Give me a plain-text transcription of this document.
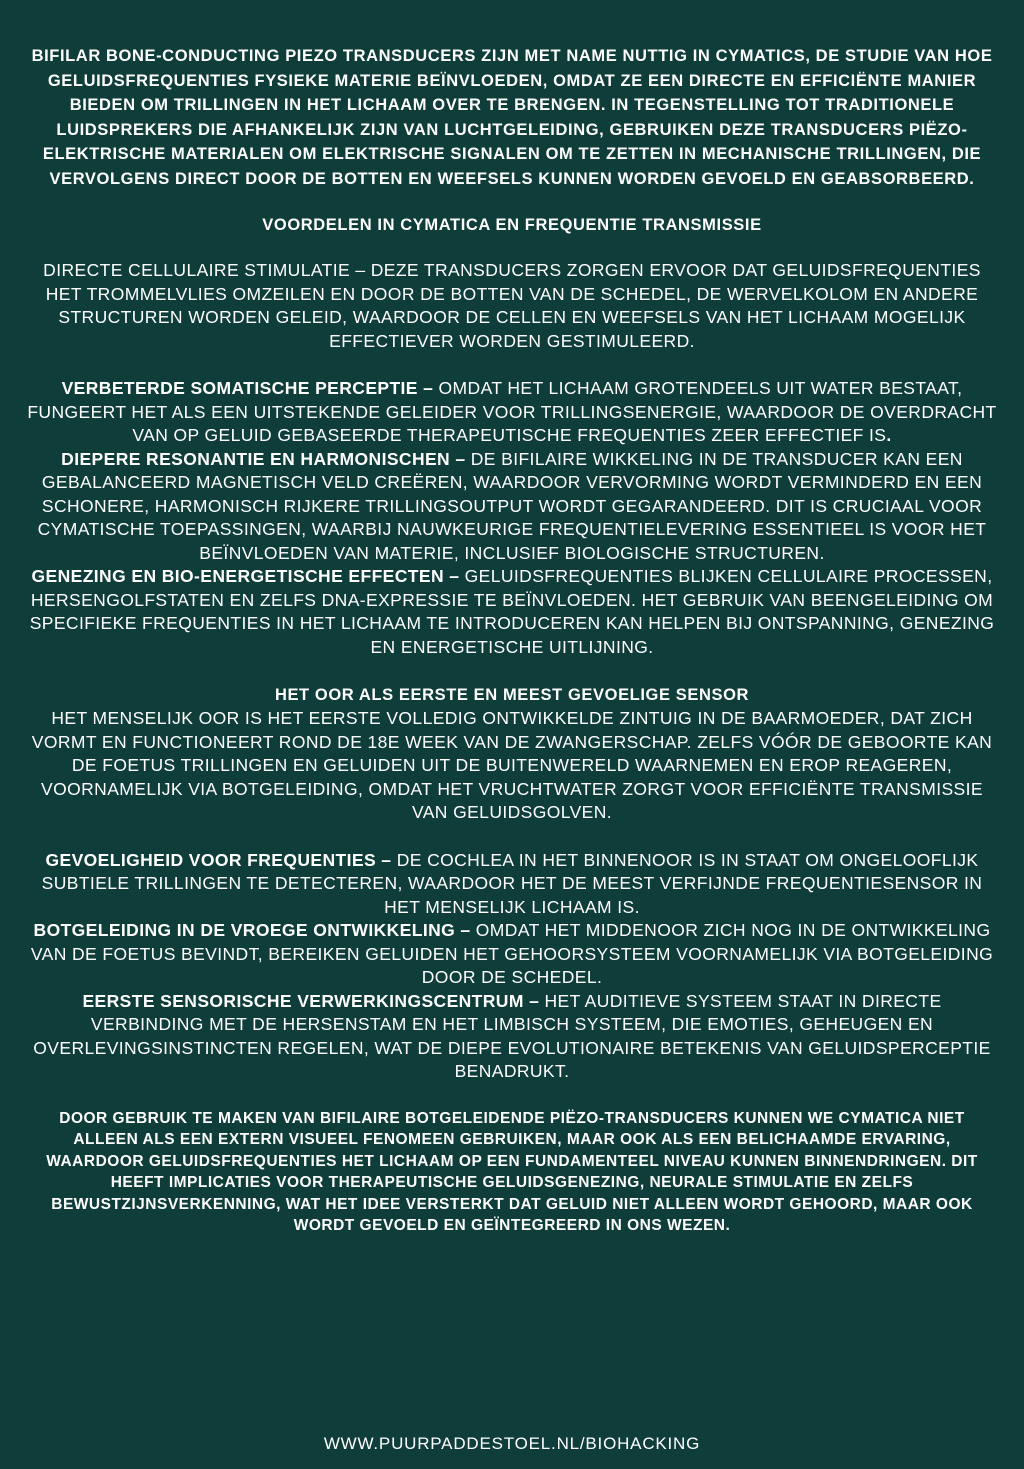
BIFILAR BONE-CONDUCTING PIEZO TRANSDUCERS ZIJN MET NAME NUTTIG IN CYMATICS, DE STUDIE VAN HOE GELUIDSFREQUENTIES FYSIEKE MATERIE BEÏNVLOEDEN, OMDAT ZE EEN DIRECTE EN EFFICIËNTE MANIER BIEDEN OM TRILLINGEN IN HET LICHAAM OVER TE BRENGEN. IN TEGENSTELLING TOT TRADITIONELE LUIDSPREKERS DIE AFHANKELIJK ZIJN VAN LUCHTGELEIDING, GEBRUIKEN DEZE TRANSDUCERS PIËZO-ELEKTRISCHE MATERIALEN OM ELEKTRISCHE SIGNALEN OM TE ZETTEN IN MECHANISCHE TRILLINGEN, DIE VERVOLGENS DIRECT DOOR DE BOTTEN EN WEEFSELS KUNNEN WORDEN GEVOELD EN GEABSORBEERD.

VOORDELEN IN CYMATICA EN FREQUENTIE TRANSMISSIE

DIRECTE CELLULAIRE STIMULATIE – DEZE TRANSDUCERS ZORGEN ERVOOR DAT GELUIDSFREQUENTIES HET TROMMELVLIES OMZEILEN EN DOOR DE BOTTEN VAN DE SCHEDEL, DE WERVELKOLOM EN ANDERE STRUCTUREN WORDEN GELEID, WAARDOOR DE CELLEN EN WEEFSELS VAN HET LICHAAM MOGELIJK EFFECTIEVER WORDEN GESTIMULEERD.

VERBETERDE SOMATISCHE PERCEPTIE – OMDAT HET LICHAAM GROTENDEELS UIT WATER BESTAAT, FUNGEERT HET ALS EEN UITSTEKENDE GELEIDER VOOR TRILLINGSENERGIE, WAARDOOR DE OVERDRACHT VAN OP GELUID GEBASEERDE THERAPEUTISCHE FREQUENTIES ZEER EFFECTIEF IS.

DIEPERE RESONANTIE EN HARMONISCHEN – DE BIFILAIRE WIKKELING IN DE TRANSDUCER KAN EEN GEBALANCEERD MAGNETISCH VELD CREËREN, WAARDOOR VERVORMING WORDT VERMINDERD EN EEN SCHONERE, HARMONISCH RIJKERE TRILLINGSOUTPUT WORDT GEGARANDEERD. DIT IS CRUCIAAL VOOR CYMATISCHE TOEPASSINGEN, WAARBIJ NAUWKEURIGE FREQUENTIELEVERING ESSENTIEEL IS VOOR HET BEÏNVLOEDEN VAN MATERIE, INCLUSIEF BIOLOGISCHE STRUCTUREN.

GENEZING EN BIO-ENERGETISCHE EFFECTEN – GELUIDSFREQUENTIES BLIJKEN CELLULAIRE PROCESSEN, HERSENGOLFSTATEN EN ZELFS DNA-EXPRESSIE TE BEÏNVLOEDEN. HET GEBRUIK VAN BEENGELEIDING OM SPECIFIEKE FREQUENTIES IN HET LICHAAM TE INTRODUCEREN KAN HELPEN BIJ ONTSPANNING, GENEZING EN ENERGETISCHE UITLIJNING.

HET OOR ALS EERSTE EN MEEST GEVOELIGE SENSOR

HET MENSELIJK OOR IS HET EERSTE VOLLEDIG ONTWIKKELDE ZINTUIG IN DE BAARMOEDER, DAT ZICH VORMT EN FUNCTIONEERT ROND DE 18E WEEK VAN DE ZWANGERSCHAP. ZELFS VÓÓR DE GEBOORTE KAN DE FOETUS TRILLINGEN EN GELUIDEN UIT DE BUITENWERELD WAARNEMEN EN EROP REAGEREN, VOORNAMELIJK VIA BOTGELEIDING, OMDAT HET VRUCHTWATER ZORGT VOOR EFFICIËNTE TRANSMISSIE VAN GELUIDSGOLVEN.

GEVOELIGHEID VOOR FREQUENTIES – DE COCHLEA IN HET BINNENOOR IS IN STAAT OM ONGELOOFLIJK SUBTIELE TRILLINGEN TE DETECTEREN, WAARDOOR HET DE MEEST VERFIJNDE FREQUENTIESENSOR IN HET MENSELIJK LICHAAM IS.

BOTGELEIDING IN DE VROEGE ONTWIKKELING – OMDAT HET MIDDENOOR ZICH NOG IN DE ONTWIKKELING VAN DE FOETUS BEVINDT, BEREIKEN GELUIDEN HET GEHOORSYSTEEM VOORNAMELIJK VIA BOTGELEIDING DOOR DE SCHEDEL.

EERSTE SENSORISCHE VERWERKINGSCENTRUM – HET AUDITIEVE SYSTEEM STAAT IN DIRECTE VERBINDING MET DE HERSENSTAM EN HET LIMBISCH SYSTEEM, DIE EMOTIES, GEHEUGEN EN OVERLEVINGSINSTINCTEN REGELEN, WAT DE DIEPE EVOLUTIONAIRE BETEKENIS VAN GELUIDSPERCEPTIE BENADRUKT.

DOOR GEBRUIK TE MAKEN VAN BIFILAIRE BOTGELEIDENDE PIËZO-TRANSDUCERS KUNNEN WE CYMATICA NIET ALLEEN ALS EEN EXTERN VISUEEL FENOMEEN GEBRUIKEN, MAAR OOK ALS EEN BELICHAAMDE ERVARING, WAARDOOR GELUIDSFREQUENTIES HET LICHAAM OP EEN FUNDAMENTEEL NIVEAU KUNNEN BINNENDRINGEN. DIT HEEFT IMPLICATIES VOOR THERAPEUTISCHE GELUIDSGENEZING, NEURALE STIMULATIE EN ZELFS BEWUSTZIJNSVERKENNING, WAT HET IDEE VERSTERKT DAT GELUID NIET ALLEEN WORDT GEHOORD, MAAR OOK WORDT GEVOELD EN GEÏNTEGREERD IN ONS WEZEN.

WWW.PUURPADDESTOEL.NL/BIOHACKING
